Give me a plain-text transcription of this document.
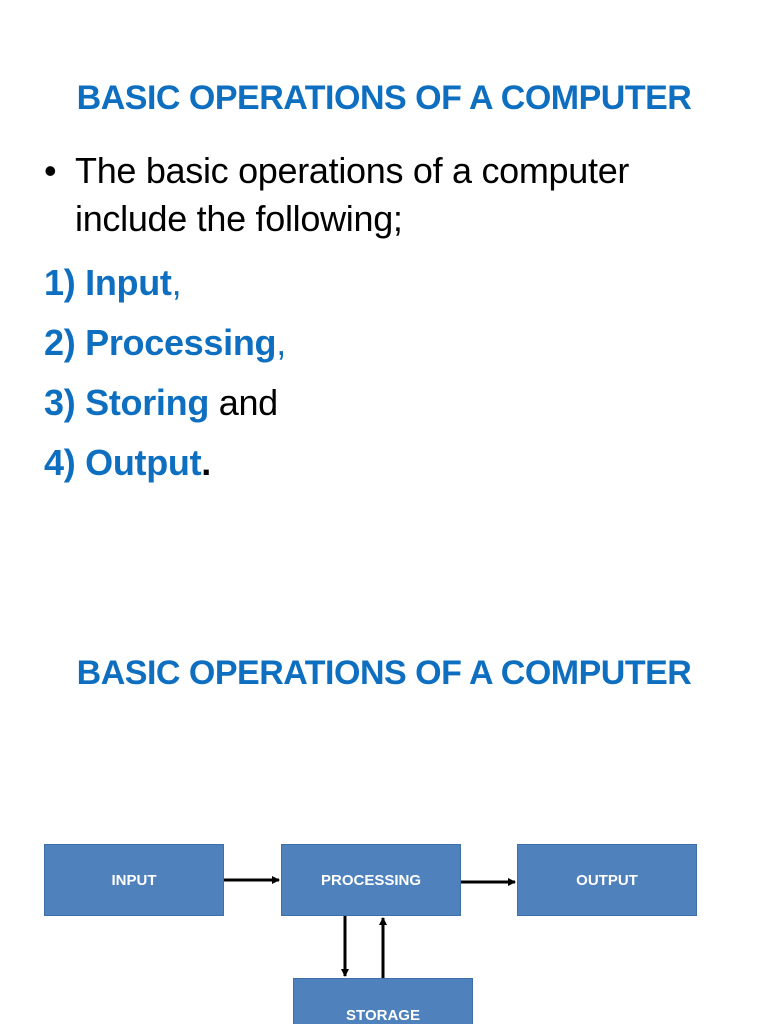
BASIC OPERATIONS OF A COMPUTER
• The basic operations of a computer include the following;
1) Input,
2) Processing,
3) Storing and
4) Output.
BASIC OPERATIONS OF A COMPUTER
INPUT	PROCESSING	OUTPUT
STORAGE
